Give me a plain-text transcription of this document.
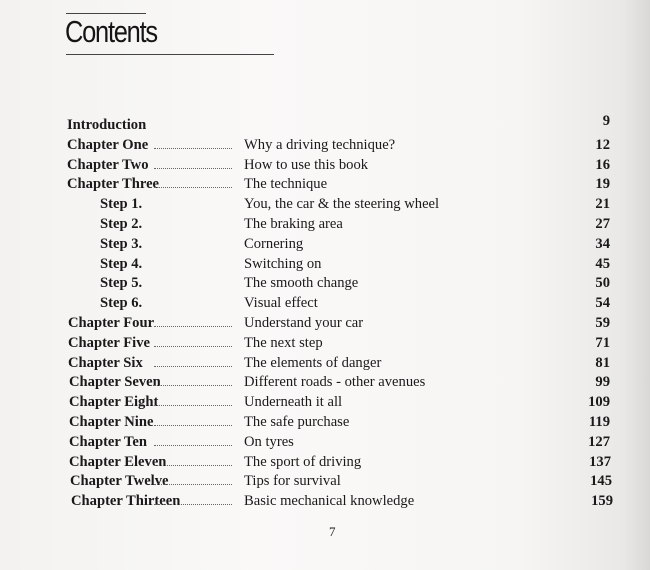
Contents
Introduction	9
Chapter One	Why a driving technique?	12
Chapter Two	How to use this book	16
Chapter Three	The technique	19
Step 1.	You, the car & the steering wheel	21
Step 2.	The braking area	27
Step 3.	Cornering	34
Step 4.	Switching on	45
Step 5.	The smooth change	50
Step 6.	Visual effect	54
Chapter Four	Understand your car	59
Chapter Five	The next step	71
Chapter Six	The elements of danger	81
Chapter Seven	Different roads - other avenues	99
Chapter Eight	Underneath it all	109
Chapter Nine	The safe purchase	119
Chapter Ten	On tyres	127
Chapter Eleven	The sport of driving	137
Chapter Twelve	Tips for survival	145
Chapter Thirteen	Basic mechanical knowledge	159
7
